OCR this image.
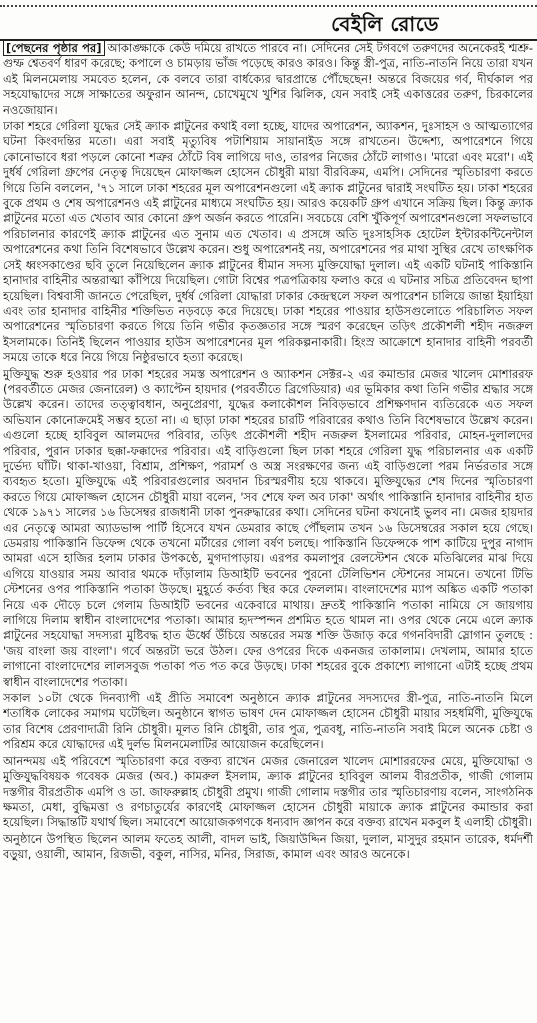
বেইলি রোডে

[পেছনের পৃষ্ঠার পর] আকাঙ্ক্ষাকে কেউ দমিয়ে রাখতে পারবে না। সেদিনের সেই টগবগে তরুণদের অনেকেরই শ্মশ্রু-গুম্ফ শ্বেতবর্ণ ধারণ করেছে; কপালে ও চামড়ায় ভাঁজ পড়েছে কারও কারও। কিন্তু স্ত্রী-পুত্র, নাতি-নাতনি নিয়ে তারা যখন এই মিলনমেলায় সমবেত হলেন, কে বলবে তারা বার্ধক্যের দ্বারপ্রান্তে পৌঁছেছেন! অন্তরে বিজয়ের গর্ব, দীর্ঘকাল পর সহযোদ্ধাদের সঙ্গে সাক্ষাতের অফুরান আনন্দ, চোখেমুখে খুশির ঝিলিক, যেন সবাই সেই একাত্তরের তরুণ, চিরকালের নওজোয়ান।

ঢাকা শহরে গেরিলা যুদ্ধের সেই ক্র্যাক প্লাটুনের কথাই বলা হচ্ছে, যাদের অপারেশন, অ্যাকশন, দুঃসাহস ও আত্মত্যাগের ঘটনা কিংবদন্তির মতো। এরা সবাই মৃত্যুবিষ পটাশিয়াম সায়ানাইড সঙ্গে রাখতেন। উদ্দেশ্য, অপারেশনে গিয়ে কোনোভাবে ধরা পড়লে কোনো শত্রুর ঠোঁটে বিষ লাগিয়ে দাও, তারপর নিজের ঠোঁটে লাগাও। 'মারো এবং মরো'। এই দুর্ধর্ষ গেরিলা গ্রুপের নেতৃত্ব দিয়েছেন মোফাজ্জল হোসেন চৌধুরী মায়া বীরবিক্রম, এমপি। সেদিনের স্মৃতিচারণা করতে গিয়ে তিনি বললেন, '৭১ সালে ঢাকা শহরের মূল অপারেশনগুলো এই ক্র্যাক প্লাটুনের দ্বারাই সংঘটিত হয়। ঢাকা শহরের বুকে প্রথম ও শেষ অপারেশনও এই প্লাটুনের মাধ্যমে সংঘটিত হয়। আরও কয়েকটি গ্রুপ এখানে সক্রিয় ছিল। কিন্তু ক্র্যাক প্লাটুনের মতো এত খেতাব আর কোনো গ্রুপ অর্জন করতে পারেনি। সবচেয়ে বেশি খুঁকিপূর্ণ অপারেশনগুলো সফলভাবে পরিচালনার কারণেই ক্র্যাক প্লাটুনের এত সুনাম এত খেতাব। এ প্রসঙ্গে অতি দুঃসাহসিক হোটেল ইন্টারকন্টিনেন্টাল অপারেশনের কথা তিনি বিশেষভাবে উল্লেখ করেন। শুধু অপারেশনই নয়, অপারেশনের পর মাথা সুস্থির রেখে তাৎক্ষণিক সেই ধ্বংসকাণ্ডের ছবি তুলে নিয়েছিলেন ক্র্যাক প্লাটুনের ধীমান সদস্য মুক্তিযোদ্ধা দুলাল। এই একটি ঘটনাই পাকিস্তানি হানাদার বাহিনীর অন্তরাত্মা কাঁপিয়ে দিয়েছিল। গোটা বিশ্বের পত্রপত্রিকায় ফলাও করে এ ঘটনার সচিত্র প্রতিবেদন ছাপা হয়েছিল। বিশ্ববাসী জানতে পেরেছিল, দুর্ধর্ষ গেরিলা যোদ্ধারা ঢাকার কেন্দ্রস্থলে সফল অপারেশন চালিয়ে জান্তা ইয়াহিয়া এবং তার হানাদার বাহিনীর শক্তিভিত নড়বড়ে করে দিয়েছে। ঢাকা শহরের পাওয়ার হাউসগুলোতে পরিচালিত সফল অপারেশনের স্মৃতিচারণা করতে গিয়ে তিনি গভীর কৃতজ্ঞতার সঙ্গে স্মরণ করেছেন তড়িৎ প্রকৌশলী শহীদ নজরুল ইসলামকে। তিনিই ছিলেন পাওয়ার হাউস অপারেশনের মূল পরিকল্পনাকারী। হিংস্র আক্রোশে হানাদার বাহিনী পরবর্তী সময়ে তাকে ধরে নিয়ে গিয়ে নিষ্ঠুরভাবে হত্যা করেছে।

মুক্তিযুদ্ধ শুরু হওয়ার পর ঢাকা শহরের সমস্ত অপারেশন ও অ্যাকশন সেক্টর-২ এর কমান্ডার মেজর খালেদ মোশাররফ (পরবর্তীতে মেজর জেনারেল) ও ক্যাপ্টেন হায়দার (পরবর্তীতে ব্রিগেডিয়ার) এর ভূমিকার কথা তিনি গভীর শ্রদ্ধার সঙ্গে উল্লেখ করেন। তাদের তত্ত্বাবধান, অনুপ্রেরণা, যুদ্ধের কলাকৌশল নিবিড়ভাবে প্রশিক্ষণদান ব্যতিরেকে এত সফল অভিযান কোনোক্রমেই সম্ভব হতো না। এ ছাড়া ঢাকা শহরের চারটি পরিবারের কথাও তিনি বিশেষভাবে উল্লেখ করেন। এগুলো হচ্ছে হাবিবুল আলমদের পরিবার, তড়িৎ প্রকৌশলী শহীদ নজরুল ইসলামের পরিবার, মোহন-দুলালদের পরিবার, পুরান ঢাকার ছক্কা-ফক্কাদের পরিবার। এই বাড়িগুলো ছিল ঢাকা শহরে গেরিলা যুদ্ধ পরিচালনার এক একটি দুর্ভেদ্য ঘাঁটি। থাকা-খাওয়া, বিশ্রাম, প্রশিক্ষণ, পরামর্শ ও অস্ত্র সংরক্ষণের জন্য এই বাড়িগুলো পরম নির্ভরতার সঙ্গে ব্যবহৃত হতো। মুক্তিযুদ্ধে এই পরিবারগুলোর অবদান চিরস্মরণীয় হয়ে থাকবে। মুক্তিযুদ্ধের শেষ দিনের স্মৃতিচারণা করতে গিয়ে মোফাজ্জল হোসেন চৌধুরী মায়া বলেন, 'সব শেষে ফল অব ঢাকা' অর্থাৎ পাকিস্তানি হানাদার বাহিনীর হাত থেকে ১৯৭১ সালের ১৬ ডিসেম্বর রাজধানী ঢাকা পুনরুদ্ধারের কথা। সেদিনের ঘটনা কখনোই ভুলব না। মেজর হায়দার এর নেতৃত্বে আমরা অ্যাডভান্স পার্টি হিসেবে যখন ডেমরার কাছে পৌঁছলাম তখন ১৬ ডিসেম্বরের সকাল হয়ে গেছে। ডেমরায় পাকিস্তানি ডিফেন্স থেকে তখনো মর্টারের গোলা বর্ষণ চলছে। পাকিস্তানি ডিফেন্সকে পাশ কাটিয়ে দুপুর নাগাদ আমরা এসে হাজির হলাম ঢাকার উপকণ্ঠে, মুগদাপাড়ায়। এরপর কমলাপুর রেলস্টেশন থেকে মতিঝিলের মাঝ দিয়ে এগিয়ে যাওয়ার সময় আবার থমকে দাঁড়ালাম ডিআইটি ভবনের পুরনো টেলিভিশন স্টেশনের সামনে। তখনো টিভি স্টেশনের ওপর পাকিস্তানি পতাকা উড়ছে। মুহূর্তে কর্তব্য স্থির করে ফেললাম। বাংলাদেশের ম্যাপ অঙ্কিত একটি পতাকা নিয়ে এক দৌড়ে চলে গেলাম ডিআইটি ভবনের একেবারে মাথায়। দ্রুতই পাকিস্তানি পতাকা নামিয়ে সে জায়গায় লাগিয়ে দিলাম স্বাধীন বাংলাদেশের পতাকা। আমার হৃদস্পন্দন প্রশমিত হতে থামল না। ওপর থেকে নেমে এলে ক্র্যাক প্লাটুনের সহযোদ্ধা সদস্যরা মুষ্টিবদ্ধ হাত ঊর্ধ্বে উঁচিয়ে অন্তরের সমস্ত শক্তি উজাড় করে গগনবিদারী স্লোগান তুলছে : 'জয় বাংলা জয় বাংলা'। গর্বে অন্তরটা ভরে উঠল। ফের ওপরের দিকে একনজর তাকালাম। দেখলাম, আমার হাতে লাগানো বাংলাদেশের লালসবুজ পতাকা পত পত করে উড়ছে। ঢাকা শহরের বুকে প্রকাশ্যে লাগানো এটাই হচ্ছে প্রথম স্বাধীন বাংলাদেশের পতাকা।

সকাল ১০টা থেকে দিনব্যাপী এই প্রীতি সমাবেশ অনুষ্ঠানে ক্র্যাক প্লাটুনের সদস্যদের স্ত্রী-পুত্র, নাতি-নাতনি মিলে শতাধিক লোকের সমাগম ঘটেছিল। অনুষ্ঠানে স্বাগত ভাষণ দেন মোফাজ্জল হোসেন চৌধুরী মায়ার সহধর্মিণী, মুক্তিযুদ্ধে তার বিশেষ প্রেরণাদাত্রী রিনি চৌধুরী। মূলত রিনি চৌধুরী, তার পুত্র, পুত্রবধূ, নাতি-নাতনি সবাই মিলে অনেক চেষ্টা ও পরিশ্রম করে যোদ্ধাদের এই দুর্লভ মিলনমেলাটির আয়োজন করেছিলেন।

আনন্দময় এই পরিবেশে স্মৃতিচারণা করে বক্তব্য রাখেন মেজর জেনারেল খালেদ মোশাররফের মেয়ে, মুক্তিযোদ্ধা ও মুক্তিযুদ্ধবিষয়ক গবেষক মেজর (অব.) কামরুল ইসলাম, ক্র্যাক প্লাটুনের হাবিবুল আলম বীরপ্রতীক, গাজী গোলাম দস্তগীর বীরপ্রতীক এমপি ও ডা. জাফরুল্লাহ চৌধুরী প্রমুখ। গাজী গোলাম দস্তগীর তার স্মৃতিচারণায় বলেন, সাংগঠনিক ক্ষমতা, মেধা, বুদ্ধিমত্তা ও রণচাতুর্যের কারণেই মোফাজ্জল হোসেন চৌধুরী মায়াকে ক্র্যাক প্লাটুনের কমান্ডার করা হয়েছিল। সিদ্ধান্তটি যথার্থ ছিল। সমাবেশে আয়োজকগণকে ধন্যবাদ জ্ঞাপন করে বক্তব্য রাখেন মকবুল ই এলাহী চৌধুরী।

অনুষ্ঠানে উপস্থিত ছিলেন আলম ফতেহ আলী, বাদল ভাই, জিয়াউদ্দিন জিয়া, দুলাল, মাসুদুর রহমান তারেক, ধর্মদর্শী বড়ুয়া, ওয়ালী, আমান, রিজভী, বকুল, নাসির, মনির, সিরাজ, কামাল এবং আরও অনেকে।
